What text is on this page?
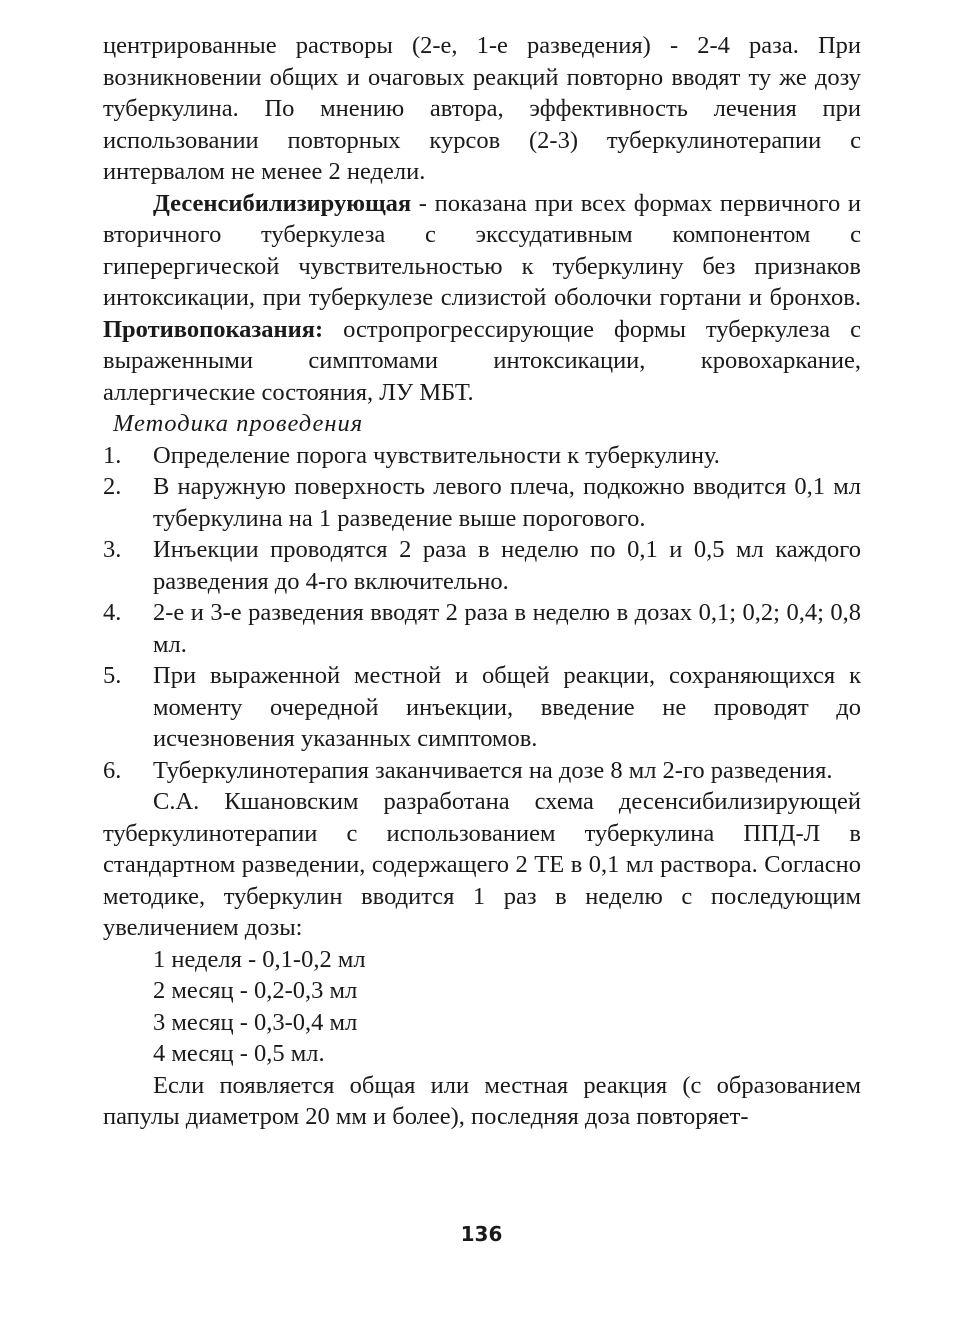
центрированные растворы (2-е, 1-е разведения) - 2-4 раза. При возникновении общих и очаговых реакций повторно вводят ту же дозу туберкулина. По мнению автора, эффективность лечения при использовании повторных курсов (2-3) туберкулинотерапии с интервалом не менее 2 недели.

Десенсибилизирующая - показана при всех формах первичного и вторичного туберкулеза с экссудативным компонентом с гиперергической чувствительностью к туберкулину без признаков интоксикации, при туберкулезе слизистой оболочки гортани и бронхов. Противопоказания: остропрогрессирующие формы туберкулеза с выраженными симптомами интоксикации, кровохаркание, аллергические состояния, ЛУ МБТ.

Методика проведения

1. Определение порога чувствительности к туберкулину.
2. В наружную поверхность левого плеча, подкожно вводится 0,1 мл туберкулина на 1 разведение выше порогового.
3. Инъекции проводятся 2 раза в неделю по 0,1 и 0,5 мл каждого разведения до 4-го включительно.
4. 2-е и 3-е разведения вводят 2 раза в неделю в дозах 0,1; 0,2; 0,4; 0,8 мл.
5. При выраженной местной и общей реакции, сохраняющихся к моменту очередной инъекции, введение не проводят до исчезновения указанных симптомов.
6. Туберкулинотерапия заканчивается на дозе 8 мл 2-го разведения.

С.А. Кшановским разработана схема десенсибилизирующей туберкулинотерапии с использованием туберкулина ППД-Л в стандартном разведении, содержащего 2 ТЕ в 0,1 мл раствора. Согласно методике, туберкулин вводится 1 раз в неделю с последующим увеличением дозы:

1 неделя - 0,1-0,2 мл
2 месяц - 0,2-0,3 мл
3 месяц - 0,3-0,4 мл
4 месяц - 0,5 мл.

Если появляется общая или местная реакция (с образованием папулы диаметром 20 мм и более), последняя доза повторяет-

136
